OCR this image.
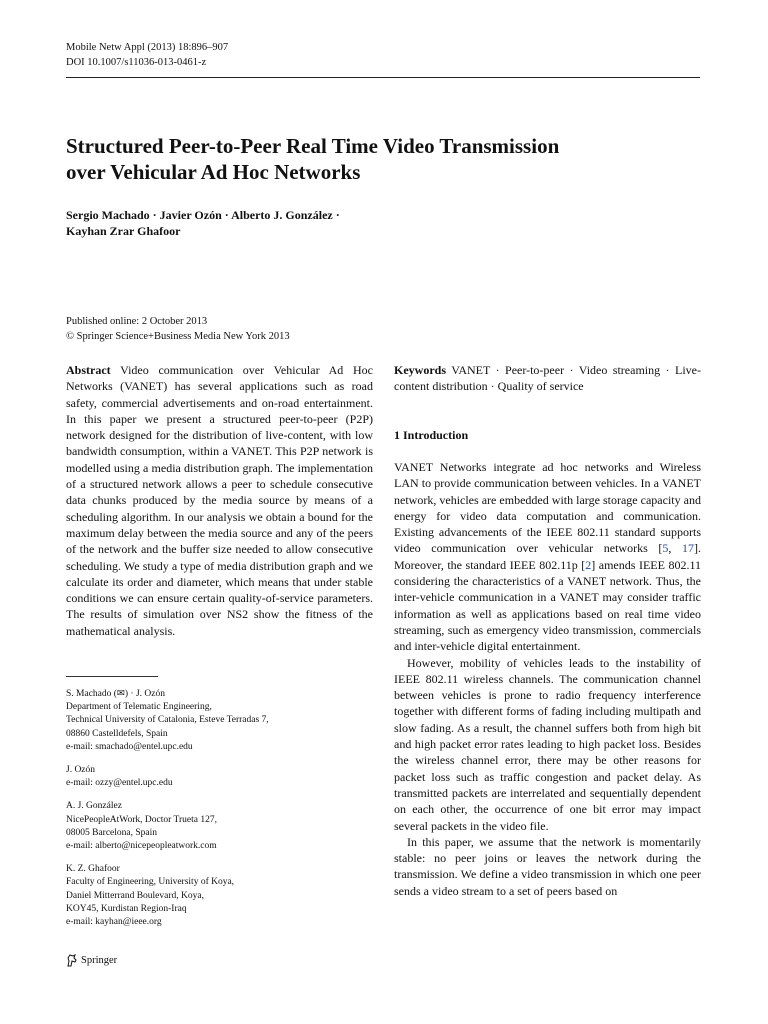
Mobile Netw Appl (2013) 18:896–907
DOI 10.1007/s11036-013-0461-z
Structured Peer-to-Peer Real Time Video Transmission
over Vehicular Ad Hoc Networks
Sergio Machado · Javier Ozón · Alberto J. González ·
Kayhan Zrar Ghafoor
Published online: 2 October 2013
© Springer Science+Business Media New York 2013
Abstract Video communication over Vehicular Ad Hoc Networks (VANET) has several applications such as road safety, commercial advertisements and on-road entertainment. In this paper we present a structured peer-to-peer (P2P) network designed for the distribution of live-content, with low bandwidth consumption, within a VANET. This P2P network is modelled using a media distribution graph. The implementation of a structured network allows a peer to schedule consecutive data chunks produced by the media source by means of a scheduling algorithm. In our analysis we obtain a bound for the maximum delay between the media source and any of the peers of the network and the buffer size needed to allow consecutive scheduling. We study a type of media distribution graph and we calculate its order and diameter, which means that under stable conditions we can ensure certain quality-of-service parameters. The results of simulation over NS2 show the fitness of the mathematical analysis.
Keywords VANET · Peer-to-peer · Video streaming · Live-content distribution · Quality of service
1 Introduction

VANET Networks integrate ad hoc networks and Wireless LAN to provide communication between vehicles. In a VANET network, vehicles are embedded with large storage capacity and energy for video data computation and communication. Existing advancements of the IEEE 802.11 standard supports video communication over vehicular networks [5, 17]. Moreover, the standard IEEE 802.11p [2] amends IEEE 802.11 considering the characteristics of a VANET network. Thus, the inter-vehicle communication in a VANET may consider traffic information as well as applications based on real time video streaming, such as emergency video transmission, commercials and inter-vehicle digital entertainment.

However, mobility of vehicles leads to the instability of IEEE 802.11 wireless channels. The communication channel between vehicles is prone to radio frequency interference together with different forms of fading including multipath and slow fading. As a result, the channel suffers both from high bit and high packet error rates leading to high packet loss. Besides the wireless channel error, there may be other reasons for packet loss such as traffic congestion and packet delay. As transmitted packets are interrelated and sequentially dependent on each other, the occurrence of one bit error may impact several packets in the video file.

In this paper, we assume that the network is momentarily stable: no peer joins or leaves the network during the transmission. We define a video transmission in which one peer sends a video stream to a set of peers based on

S. Machado (✉) · J. Ozón
Department of Telematic Engineering,
Technical University of Catalonia, Esteve Terradas 7,
08860 Castelldefels, Spain
e-mail: smachado@entel.upc.edu
J. Ozón
e-mail: ozzy@entel.upc.edu
A. J. González
NicePeopleAtWork, Doctor Trueta 127,
08005 Barcelona, Spain
e-mail: alberto@nicepeopleatwork.com
K. Z. Ghafoor
Faculty of Engineering, University of Koya,
Daniel Mitterrand Boulevard, Koya,
KOY45, Kurdistan Region-Iraq
e-mail: kayhan@ieee.org
Springer
